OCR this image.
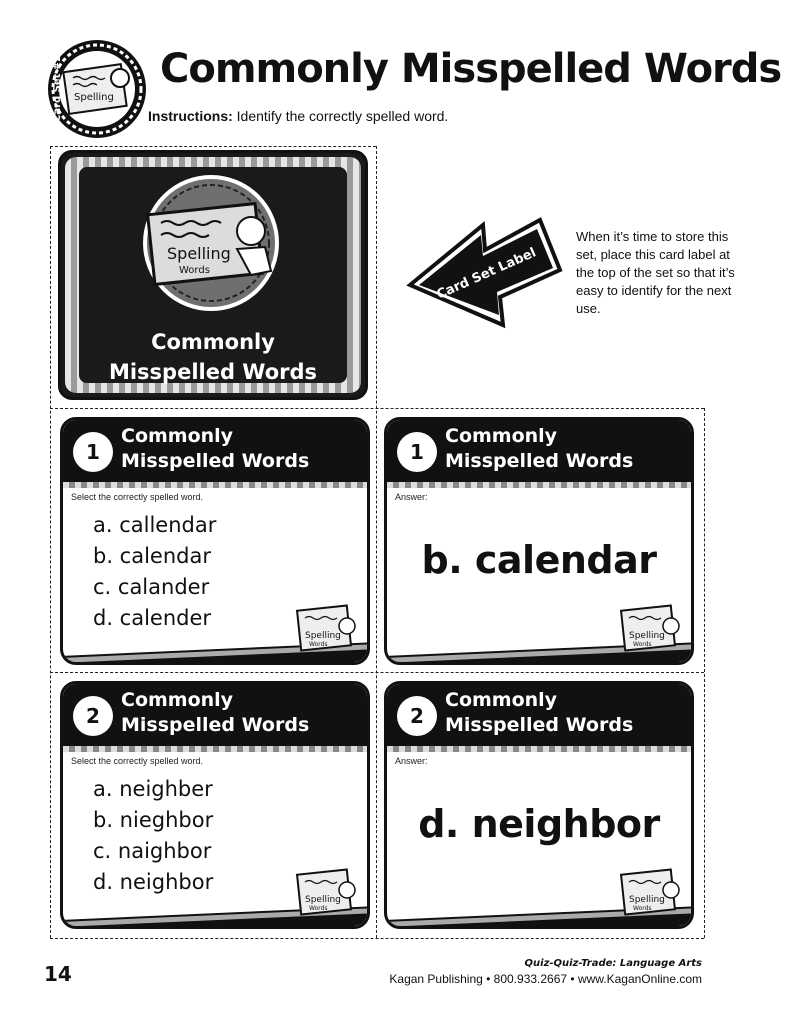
Spelling
Card Set #2 Commonly Misspelled Words
Instructions: Identify the correctly spelled word.
Spelling
Words
Commonly
Misspelled Words
Card Set Label
When it’s time to store this set, place this card label at the top of the set so that it’s easy to identify for the next use.
1
Commonly
Misspelled Words
Select the correctly spelled word.
a. callendar
b. calendar
c. calander
d. calender
Spelling
Words
1
Commonly
Misspelled Words
Answer:
b. calendar
Spelling
Words
2
Commonly
Misspelled Words
Select the correctly spelled word.
a. neighber
b. nieghbor
c. naighbor
d. neighbor
Spelling
Words
2
Commonly
Misspelled Words
Answer:
d. neighbor
Spelling
Words
14	Quiz-Quiz-Trade: Language Arts
Kagan Publishing • 800.933.2667 • www.KaganOnline.com
